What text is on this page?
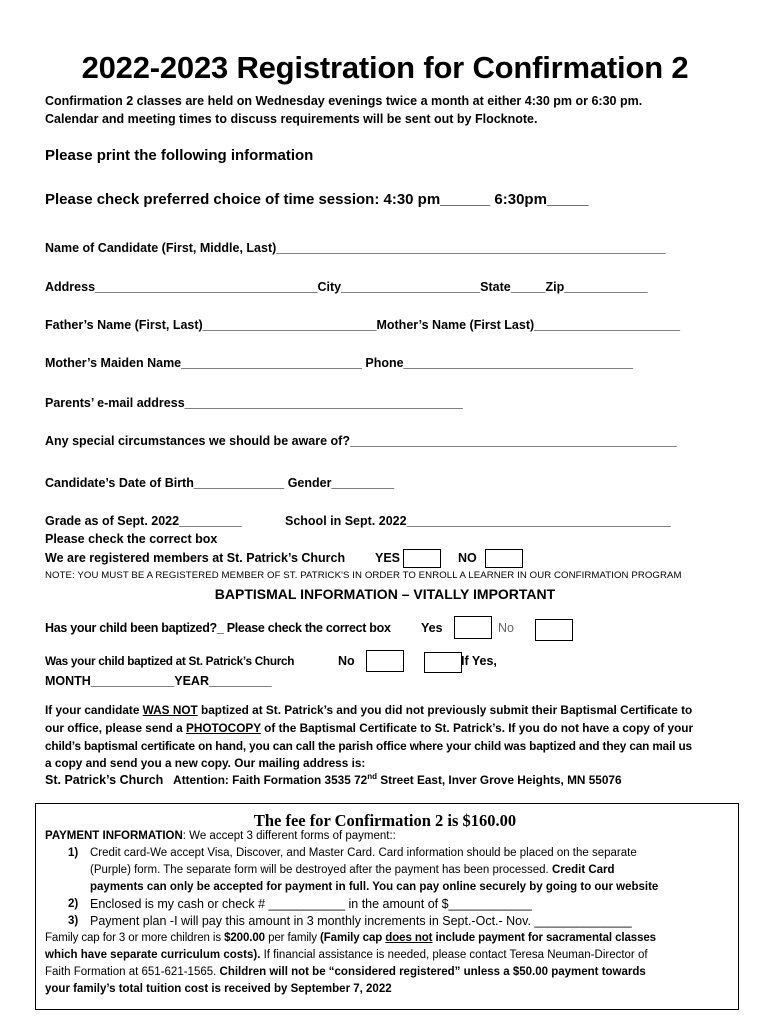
2022-2023 Registration for Confirmation 2
Confirmation 2 classes are held on Wednesday evenings twice a month at either 4:30 pm or 6:30 pm.
Calendar and meeting times to discuss requirements will be sent out by Flocknote.
Please print the following information
Please check preferred choice of time session: 4:30 pm______ 6:30pm_____
Name of Candidate (First, Middle, Last)________________________________________________________
Address________________________________City____________________State_____Zip____________
Father’s Name (First, Last)_________________________Mother’s Name (First Last)_____________________
Mother’s Maiden Name__________________________ Phone_________________________________
Parents’ e-mail address________________________________________
Any special circumstances we should be aware of?_______________________________________________
Candidate’s Date of Birth_____________ Gender_________
Grade as of Sept. 2022_________	School in Sept. 2022______________________________________
Please check the correct box
We are registered members at St. Patrick’s Church YES	NO
NOTE: YOU MUST BE A REGISTERED MEMBER OF ST. PATRICK'S IN ORDER TO ENROLL A LEARNER IN OUR CONFIRMATION PROGRAM
BAPTISMAL INFORMATION – VITALLY IMPORTANT
Has your child been baptized?_ Please check the correct box Yes	No
Was your child baptized at St. Patrick’s Church	No	If Yes,
MONTH____________YEAR_________
If your candidate WAS NOT baptized at St. Patrick’s and you did not previously submit their Baptismal Certificate to
our office, please send a PHOTOCOPY of the Baptismal Certificate to St. Patrick’s. If you do not have a copy of your
child’s baptismal certificate on hand, you can call the parish office where your child was baptized and they can mail us
a copy and send you a new copy. Our mailing address is:
St. Patrick’s Church Attention: Faith Formation 3535 72nd Street East, Inver Grove Heights, MN 55076
The fee for Confirmation 2 is $160.00
PAYMENT INFORMATION: We accept 3 different forms of payment::
1) Credit card-We accept Visa, Discover, and Master Card. Card information should be placed on the separate
(Purple) form. The separate form will be destroyed after the payment has been processed. Credit Card
payments can only be accepted for payment in full. You can pay online securely by going to our website
2) Enclosed is my cash or check # ___________ in the amount of $____________
3) Payment plan -I will pay this amount in 3 monthly increments in Sept.-Oct.- Nov. ______________
Family cap for 3 or more children is $200.00 per family (Family cap does not include payment for sacramental classes
which have separate curriculum costs). If financial assistance is needed, please contact Teresa Neuman-Director of
Faith Formation at 651-621-1565. Children will not be “considered registered” unless a $50.00 payment towards
your family’s total tuition cost is received by September 7, 2022
